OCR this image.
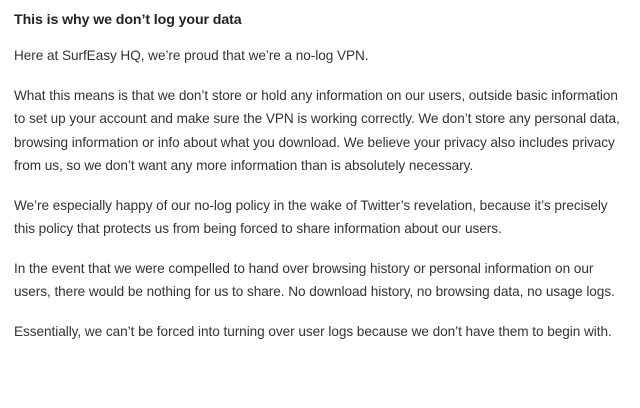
This is why we don’t log your data

Here at SurfEasy HQ, we’re proud that we’re a no-log VPN.

What this means is that we don’t store or hold any information on our users, outside basic information to set up your account and make sure the VPN is working correctly. We don’t store any personal data, browsing information or info about what you download. We believe your privacy also includes privacy from us, so we don’t want any more information than is absolutely necessary.

We’re especially happy of our no-log policy in the wake of Twitter’s revelation, because it’s precisely this policy that protects us from being forced to share information about our users.

In the event that we were compelled to hand over browsing history or personal information on our users, there would be nothing for us to share. No download history, no browsing data, no usage logs.

Essentially, we can’t be forced into turning over user logs because we don’t have them to begin with.
